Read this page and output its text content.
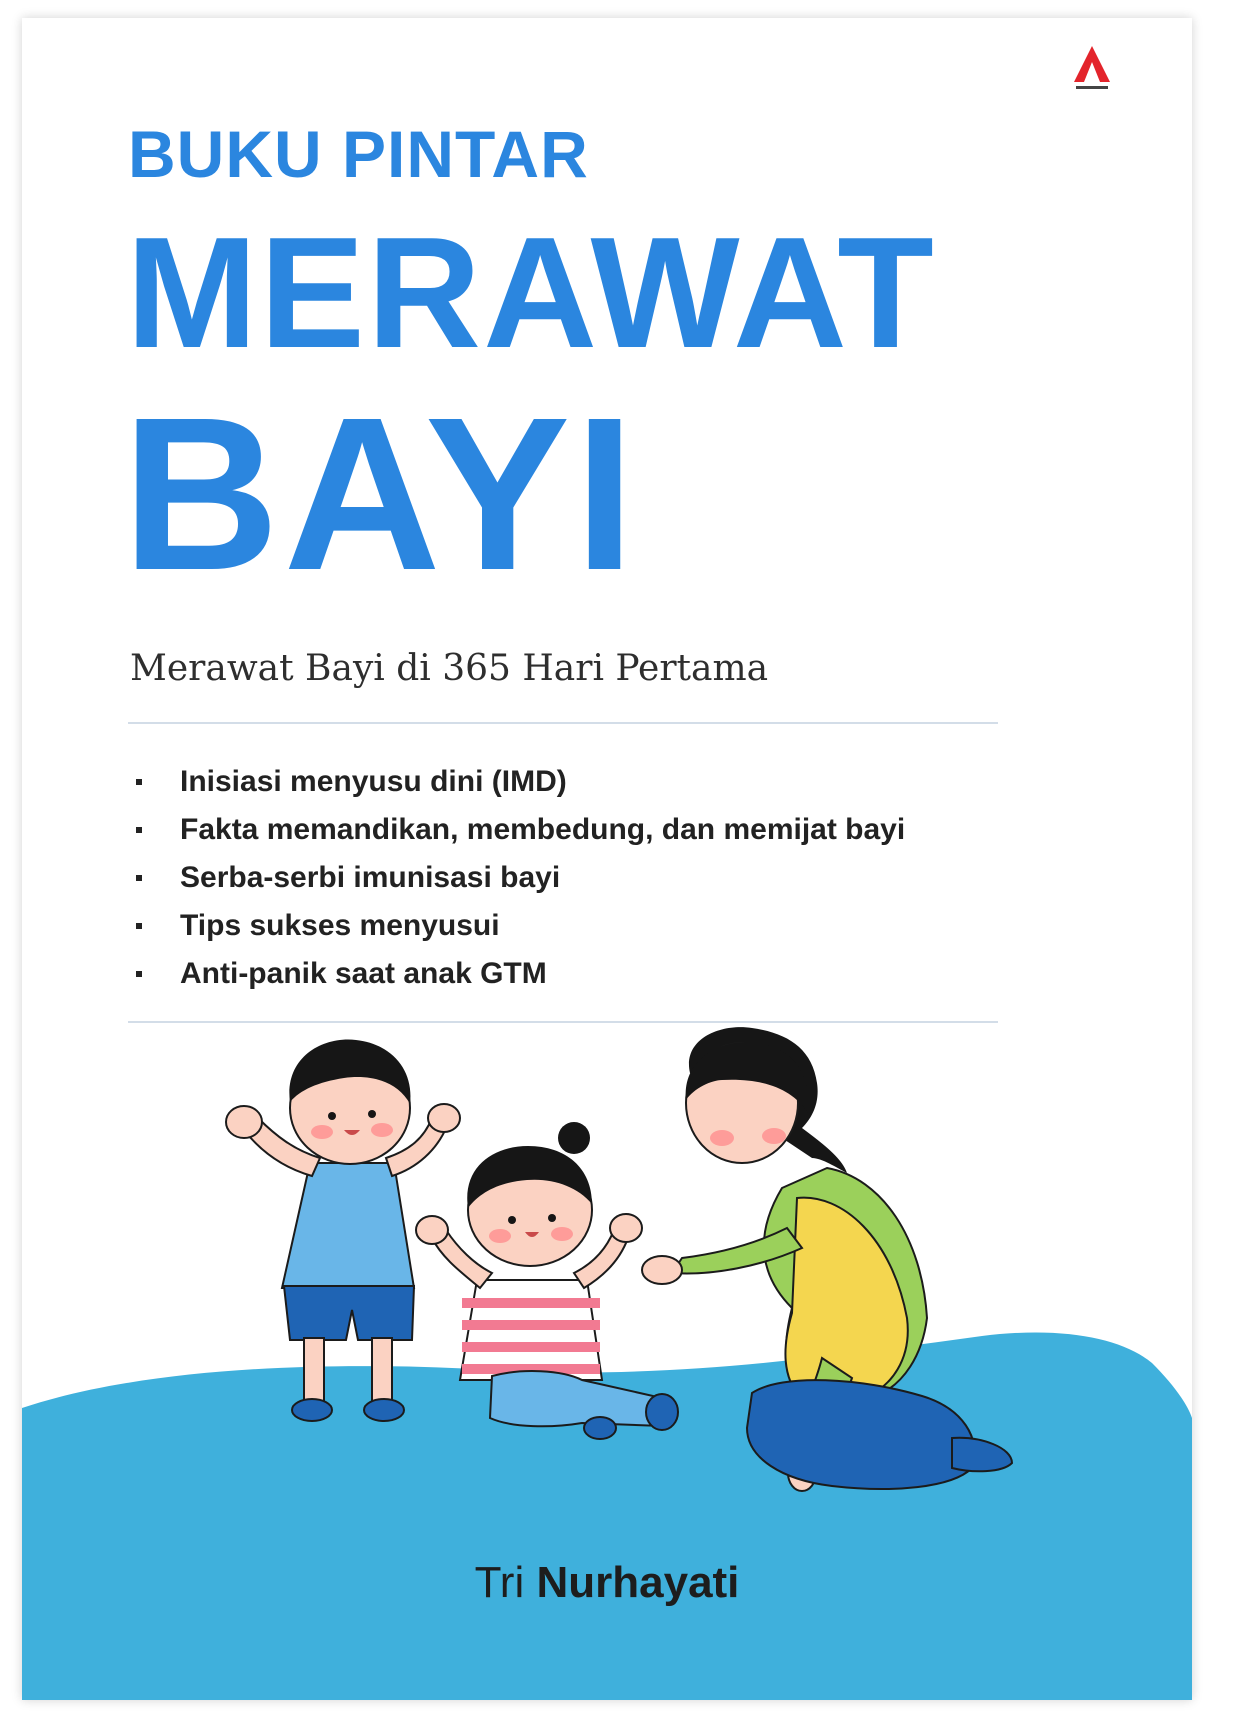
BUKU PINTAR
MERAWAT
BAYI
Merawat Bayi di 365 Hari Pertama
Inisiasi menyusu dini (IMD)
Fakta memandikan, membedung, dan memijat bayi
Serba-serbi imunisasi bayi
Tips sukses menyusui
Anti-panik saat anak GTM
Tri Nurhayati
